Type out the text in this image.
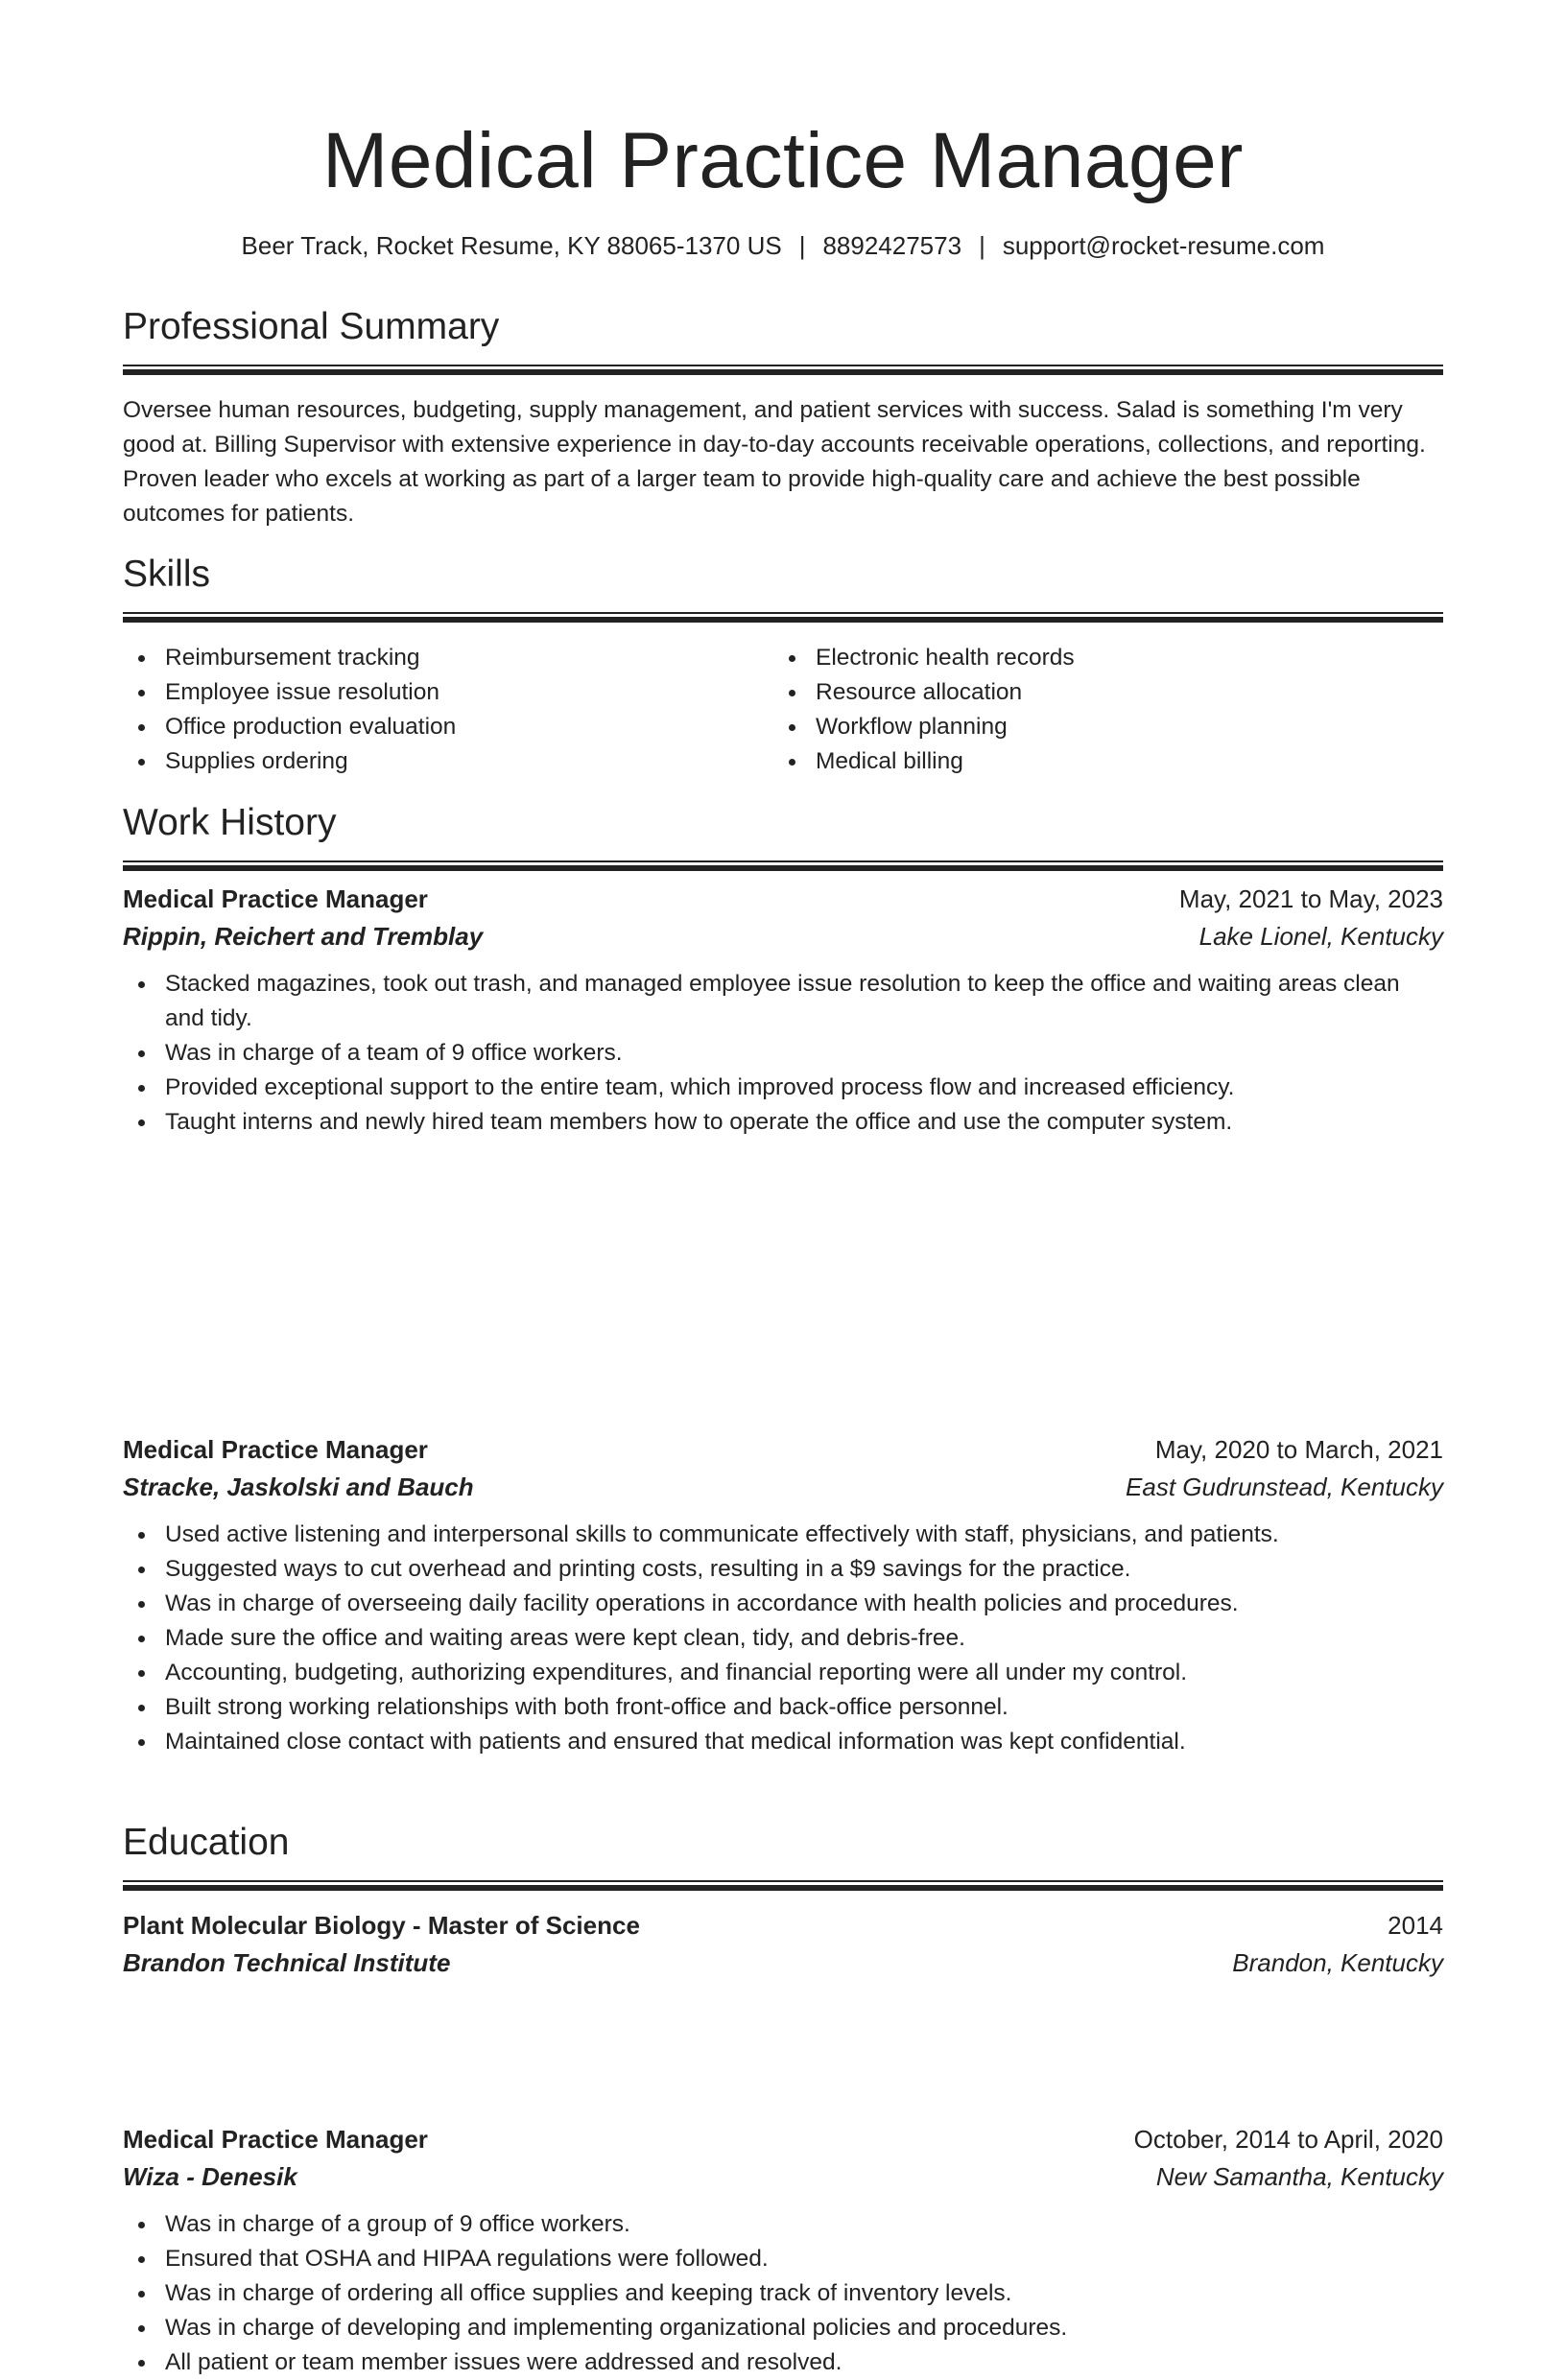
Medical Practice Manager
Beer Track, Rocket Resume, KY 88065-1370 US | 8892427573 | support@rocket-resume.com
Professional Summary
Oversee human resources, budgeting, supply management, and patient services with success. Salad is something I'm very good at. Billing Supervisor with extensive experience in day-to-day accounts receivable operations, collections, and reporting. Proven leader who excels at working as part of a larger team to provide high-quality care and achieve the best possible outcomes for patients.
Skills
Reimbursement tracking
Employee issue resolution
Office production evaluation
Supplies ordering
Electronic health records
Resource allocation
Workflow planning
Medical billing
Work History
Medical Practice Manager	May, 2021 to May, 2023
Rippin, Reichert and Tremblay	Lake Lionel, Kentucky
Stacked magazines, took out trash, and managed employee issue resolution to keep the office and waiting areas clean and tidy.
Was in charge of a team of 9 office workers.
Provided exceptional support to the entire team, which improved process flow and increased efficiency.
Taught interns and newly hired team members how to operate the office and use the computer system.
Medical Practice Manager	May, 2020 to March, 2021
Stracke, Jaskolski and Bauch	East Gudrunstead, Kentucky
Used active listening and interpersonal skills to communicate effectively with staff, physicians, and patients.
Suggested ways to cut overhead and printing costs, resulting in a $9 savings for the practice.
Was in charge of overseeing daily facility operations in accordance with health policies and procedures.
Made sure the office and waiting areas were kept clean, tidy, and debris-free.
Accounting, budgeting, authorizing expenditures, and financial reporting were all under my control.
Built strong working relationships with both front-office and back-office personnel.
Maintained close contact with patients and ensured that medical information was kept confidential.
Medical Practice Manager	October, 2014 to April, 2020
Wiza - Denesik	New Samantha, Kentucky
Was in charge of a group of 9 office workers.
Ensured that OSHA and HIPAA regulations were followed.
Was in charge of ordering all office supplies and keeping track of inventory levels.
Was in charge of developing and implementing organizational policies and procedures.
All patient or team member issues were addressed and resolved.
Education
Plant Molecular Biology - Master of Science	2014
Brandon Technical Institute	Brandon, Kentucky
